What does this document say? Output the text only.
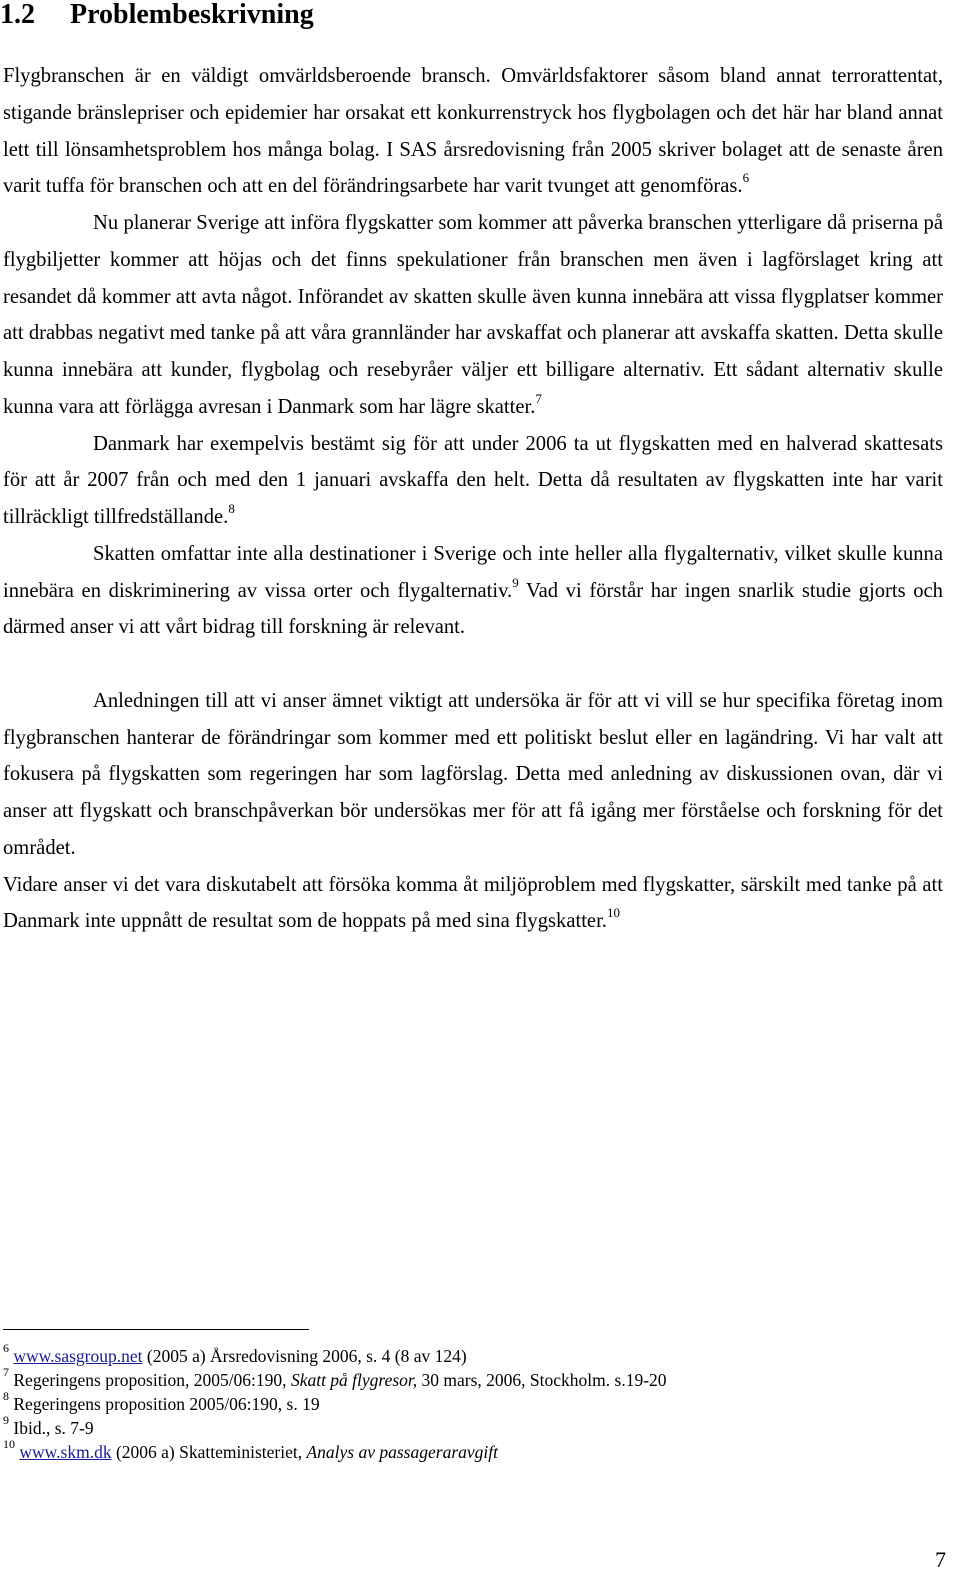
1.2 Problembeskrivning

Flygbranschen är en väldigt omvärldsberoende bransch. Omvärldsfaktorer såsom bland annat terrorattentat, stigande bränslepriser och epidemier har orsakat ett konkurrenstryck hos flygbolagen och det här har bland annat lett till lönsamhetsproblem hos många bolag. I SAS årsredovisning från 2005 skriver bolaget att de senaste åren varit tuffa för branschen och att en del förändringsarbete har varit tvunget att genomföras.$^6$

Nu planerar Sverige att införa flygskatter som kommer att påverka branschen ytterligare då priserna på flygbiljetter kommer att höjas och det finns spekulationer från branschen men även i lagförslaget kring att resandet då kommer att avta något. Införandet av skatten skulle även kunna innebära att vissa flygplatser kommer att drabbas negativt med tanke på att våra grannländer har avskaffat och planerar att avskaffa skatten. Detta skulle kunna innebära att kunder, flygbolag och resebyråer väljer ett billigare alternativ. Ett sådant alternativ skulle kunna vara att förlägga avresan i Danmark som har lägre skatter.$^7$

Danmark har exempelvis bestämt sig för att under 2006 ta ut flygskatten med en halverad skattesats för att år 2007 från och med den 1 januari avskaffa den helt. Detta då resultaten av flygskatten inte har varit tillräckligt tillfredställande.$^8$

Skatten omfattar inte alla destinationer i Sverige och inte heller alla flygalternativ, vilket skulle kunna innebära en diskriminering av vissa orter och flygalternativ.$^9$ Vad vi förstår har ingen snarlik studie gjorts och därmed anser vi att vårt bidrag till forskning är relevant.

Anledningen till att vi anser ämnet viktigt att undersöka är för att vi vill se hur specifika företag inom flygbranschen hanterar de förändringar som kommer med ett politiskt beslut eller en lagändring. Vi har valt att fokusera på flygskatten som regeringen har som lagförslag. Detta med anledning av diskussionen ovan, där vi anser att flygskatt och branschpåverkan bör undersökas mer för att få igång mer förståelse och forskning för det området.

Vidare anser vi det vara diskutabelt att försöka komma åt miljöproblem med flygskatter, särskilt med tanke på att Danmark inte uppnått de resultat som de hoppats på med sina flygskatter.$^{10}$

$^6$ www.sasgroup.net (2005 a) Årsredovisning 2006, s. 4 (8 av 124)
$^7$ Regeringens proposition, 2005/06:190, Skatt på flygresor, 30 mars, 2006, Stockholm. s.19-20
$^8$ Regeringens proposition 2005/06:190, s. 19
$^9$ Ibid., s. 7-9
$^{10}$ www.skm.dk (2006 a) Skatteministeriet, Analys av passageraravgift
7
